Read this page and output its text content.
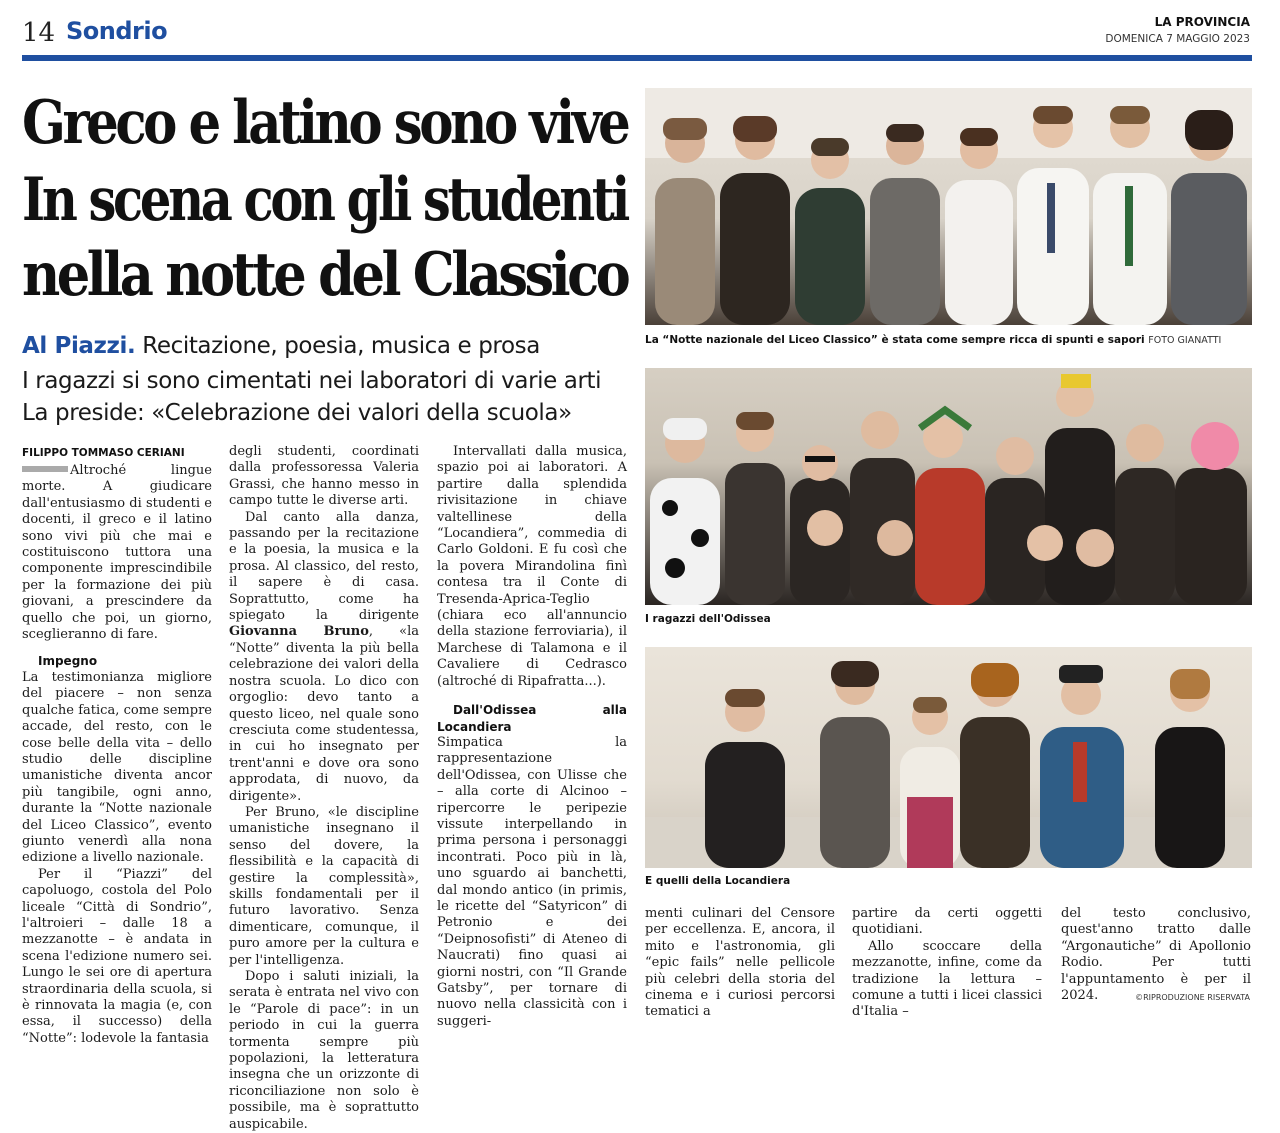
14 Sondrio	LA PROVINCIA
DOMENICA 7 MAGGIO 2023
Greco e latino sono vive
In scena con gli studenti
nella notte del Classico
Al Piazzi. Recitazione, poesia, musica e prosa
I ragazzi si sono cimentati nei laboratori di varie arti
La preside: «Celebrazione dei valori della scuola»
FILIPPO TOMMASO CERIANI

Altroché lingue morte. A giudicare dall'entusiasmo di studenti e docenti, il greco e il latino sono vivi più che mai e costituiscono tuttora una componente imprescindibile per la formazione dei più giovani, a prescindere da quello che poi, un giorno, sceglieranno di fare.

Impegno

La testimonianza migliore del piacere – non senza qualche fatica, come sempre accade, del resto, con le cose belle della vita – dello studio delle discipline umanistiche diventa ancor più tangibile, ogni anno, durante la “Notte nazionale del Liceo Classico”, evento giunto venerdì alla nona edizione a livello nazionale.

Per il “Piazzi” del capoluogo, costola del Polo liceale “Città di Sondrio”, l'altroieri – dalle 18 a mezzanotte – è andata in scena l'edizione numero sei. Lungo le sei ore di apertura straordinaria della scuola, si è rinnovata la magia (e, con essa, il successo) della “Notte”: lodevole la fantasia

degli studenti, coordinati dalla professoressa Valeria Grassi, che hanno messo in campo tutte le diverse arti.

Dal canto alla danza, passando per la recitazione e la poesia, la musica e la prosa. Al classico, del resto, il sapere è di casa. Soprattutto, come ha spiegato la dirigente Giovanna Bruno, «la “Notte” diventa la più bella celebrazione dei valori della nostra scuola. Lo dico con orgoglio: devo tanto a questo liceo, nel quale sono cresciuta come studentessa, in cui ho insegnato per trent'anni e dove ora sono approdata, di nuovo, da dirigente».

Per Bruno, «le discipline umanistiche insegnano il senso del dovere, la flessibilità e la capacità di gestire la complessità», skills fondamentali per il futuro lavorativo. Senza dimenticare, comunque, il puro amore per la cultura e per l'intelligenza.

Dopo i saluti iniziali, la serata è entrata nel vivo con le “Parole di pace”: in un periodo in cui la guerra tormenta sempre più popolazioni, la letteratura insegna che un orizzonte di riconciliazione non solo è possibile, ma è soprattutto auspicabile.

Intervallati dalla musica, spazio poi ai laboratori. A partire dalla splendida rivisitazione in chiave valtellinese della “Locandiera”, commedia di Carlo Goldoni. E fu così che la povera Mirandolina finì contesa tra il Conte di Tresenda-Aprica-Teglio (chiara eco all'annuncio della stazione ferroviaria), il Marchese di Talamona e il Cavaliere di Cedrasco (altroché di Ripafratta...).

Dall'Odissea alla Locandiera

Simpatica la rappresentazione dell'Odissea, con Ulisse che – alla corte di Alcinoo – ripercorre le peripezie vissute interpellando in prima persona i personaggi incontrati. Poco più in là, uno sguardo ai banchetti, dal mondo antico (in primis, le ricette del “Satyricon” di Petronio e dei “Deipnosofisti” di Ateneo di Naucrati) fino quasi ai giorni nostri, con “Il Grande Gatsby”, per tornare di nuovo nella classicità con i suggeri-

menti culinari del Censore per eccellenza. E, ancora, il mito e l'astronomia, gli “epic fails” nelle pellicole più celebri della storia del cinema e i curiosi percorsi tematici a

partire da certi oggetti quotidiani.

Allo scoccare della mezzanotte, infine, come da tradizione la lettura – comune a tutti i licei classici d'Italia –

del testo conclusivo, quest'anno tratto dalle “Argonautiche” di Apollonio Rodio. Per tutti l'appuntamento è per il 2024.

La “Notte nazionale del Liceo Classico” è stata come sempre ricca di spunti e sapori FOTO GIANATTI
I ragazzi dell'Odissea
E quelli della Locandiera
©RIPRODUZIONE RISERVATA
